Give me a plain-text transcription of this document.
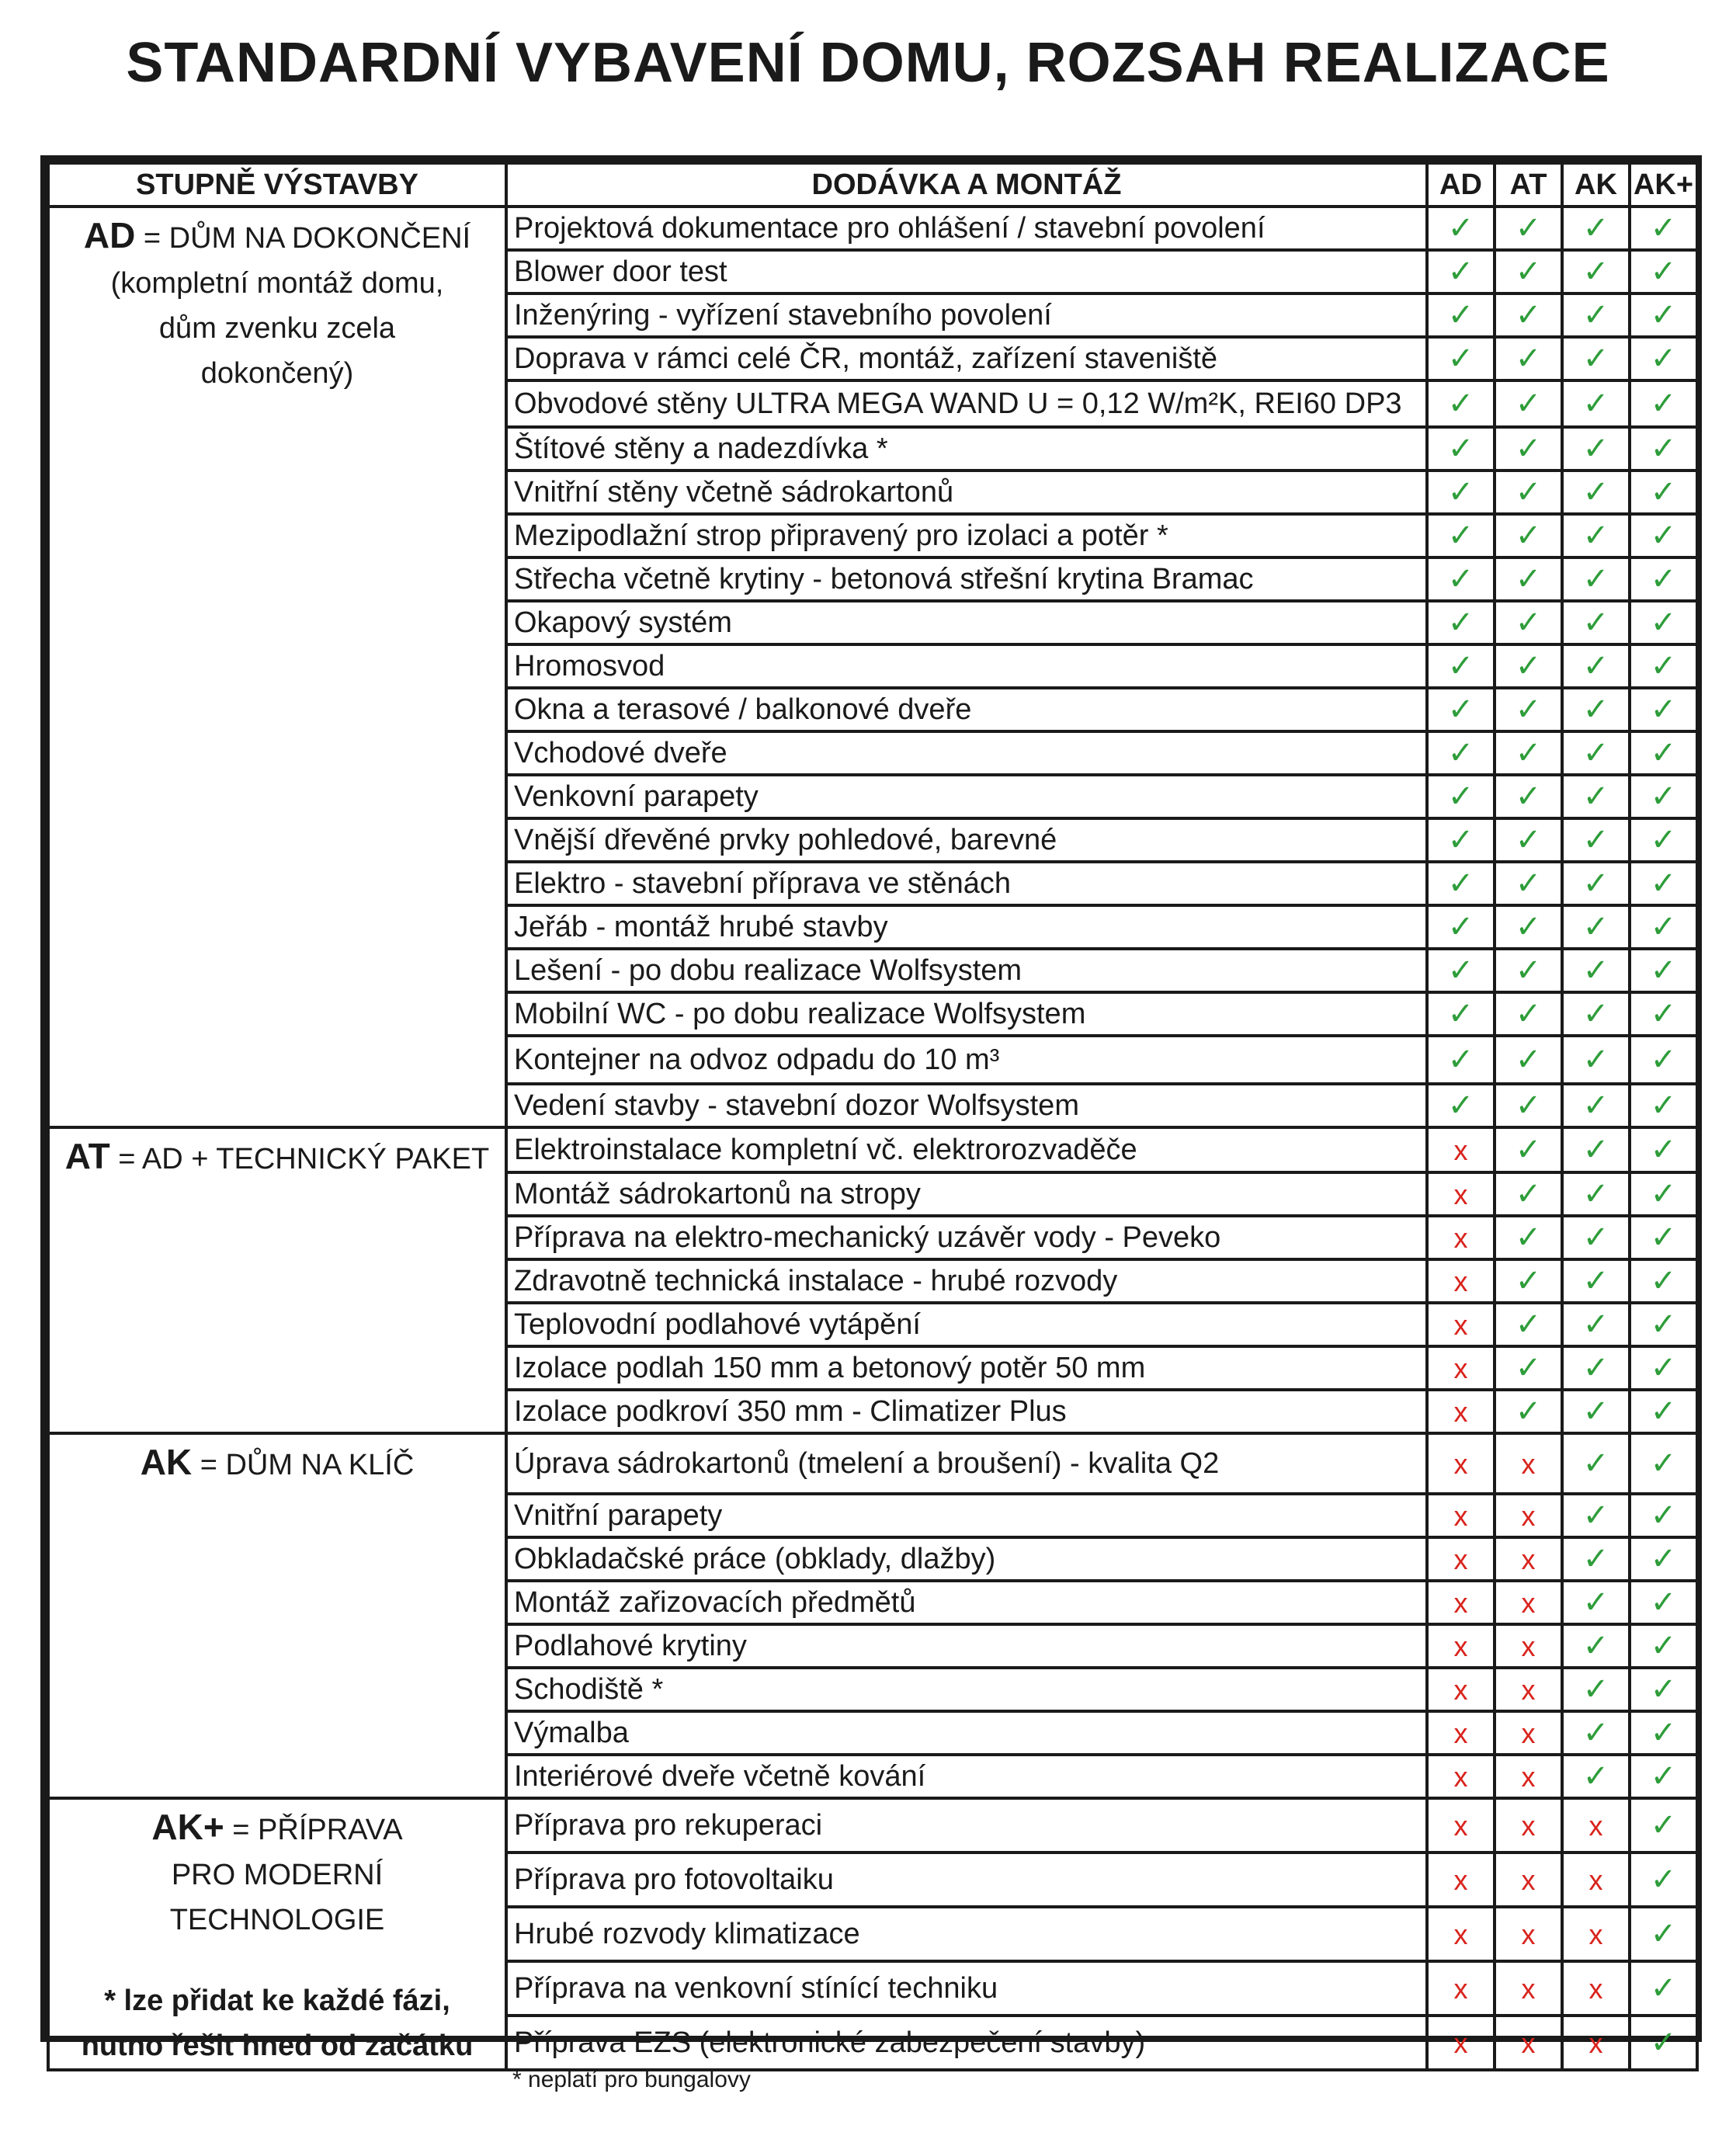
STANDARDNÍ VYBAVENÍ DOMU, ROZSAH REALIZACE
STUPNĚ VÝSTAVBY	DODÁVKA A MONTÁŽ	AD	AT	AK	AK+
AD = DŮM NA DOKONČENÍ
(kompletní montáž domu, dům zvenku zcela dokončený)	Projektová dokumentace pro ohlášení / stavební povolení	✓	✓	✓	✓
	Blower door test	✓	✓	✓	✓
	Inženýring - vyřízení stavebního povolení	✓	✓	✓	✓
	Doprava v rámci celé ČR, montáž, zařízení staveniště	✓	✓	✓	✓
	Obvodové stěny ULTRA MEGA WAND U = 0,12 W/m²K, REI60 DP3	✓	✓	✓	✓
	Štítové stěny a nadezdívka *	✓	✓	✓	✓
	Vnitřní stěny včetně sádrokartonů	✓	✓	✓	✓
	Mezipodlažní strop připravený pro izolaci a potěr *	✓	✓	✓	✓
	Střecha včetně krytiny - betonová střešní krytina Bramac	✓	✓	✓	✓
	Okapový systém	✓	✓	✓	✓
	Hromosvod	✓	✓	✓	✓
	Okna a terasové / balkonové dveře	✓	✓	✓	✓
	Vchodové dveře	✓	✓	✓	✓
	Venkovní parapety	✓	✓	✓	✓
	Vnější dřevěné prvky pohledové, barevné	✓	✓	✓	✓
	Elektro - stavební příprava ve stěnách	✓	✓	✓	✓
	Jeřáb - montáž hrubé stavby	✓	✓	✓	✓
	Lešení - po dobu realizace Wolfsystem	✓	✓	✓	✓
	Mobilní WC - po dobu realizace Wolfsystem	✓	✓	✓	✓
	Kontejner na odvoz odpadu do 10 m³	✓	✓	✓	✓
	Vedení stavby - stavební dozor Wolfsystem	✓	✓	✓	✓
AT = AD + TECHNICKÝ PAKET	Elektroinstalace kompletní vč. elektrorozvaděče	x	✓	✓	✓
	Montáž sádrokartonů na stropy	x	✓	✓	✓
	Příprava na elektro-mechanický uzávěr vody - Peveko	x	✓	✓	✓
	Zdravotně technická instalace - hrubé rozvody	x	✓	✓	✓
	Teplovodní podlahové vytápění	x	✓	✓	✓
	Izolace podlah 150 mm a betonový potěr 50 mm	x	✓	✓	✓
	Izolace podkroví 350 mm - Climatizer Plus	x	✓	✓	✓
AK = DŮM NA KLÍČ	Úprava sádrokartonů (tmelení a broušení) - kvalita Q2	x	x	✓	✓
	Vnitřní parapety	x	x	✓	✓
	Obkladačské práce (obklady, dlažby)	x	x	✓	✓
	Montáž zařizovacích předmětů	x	x	✓	✓
	Podlahové krytiny	x	x	✓	✓
	Schodiště *	x	x	✓	✓
	Výmalba	x	x	✓	✓
	Interiérové dveře včetně kování	x	x	✓	✓
AK+ = PŘÍPRAVA
PRO MODERNÍ TECHNOLOGIE
* lze přidat ke každé fázi, nutno řešit hned od začátku	Příprava pro rekuperaci	x	x	x	✓
	Příprava pro fotovoltaiku	x	x	x	✓
	Hrubé rozvody klimatizace	x	x	x	✓
	Příprava na venkovní stínící techniku	x	x	x	✓
	Příprava EZS (elektronické zabezpečení stavby)	x	x	x	✓
* neplatí pro bungalovy
